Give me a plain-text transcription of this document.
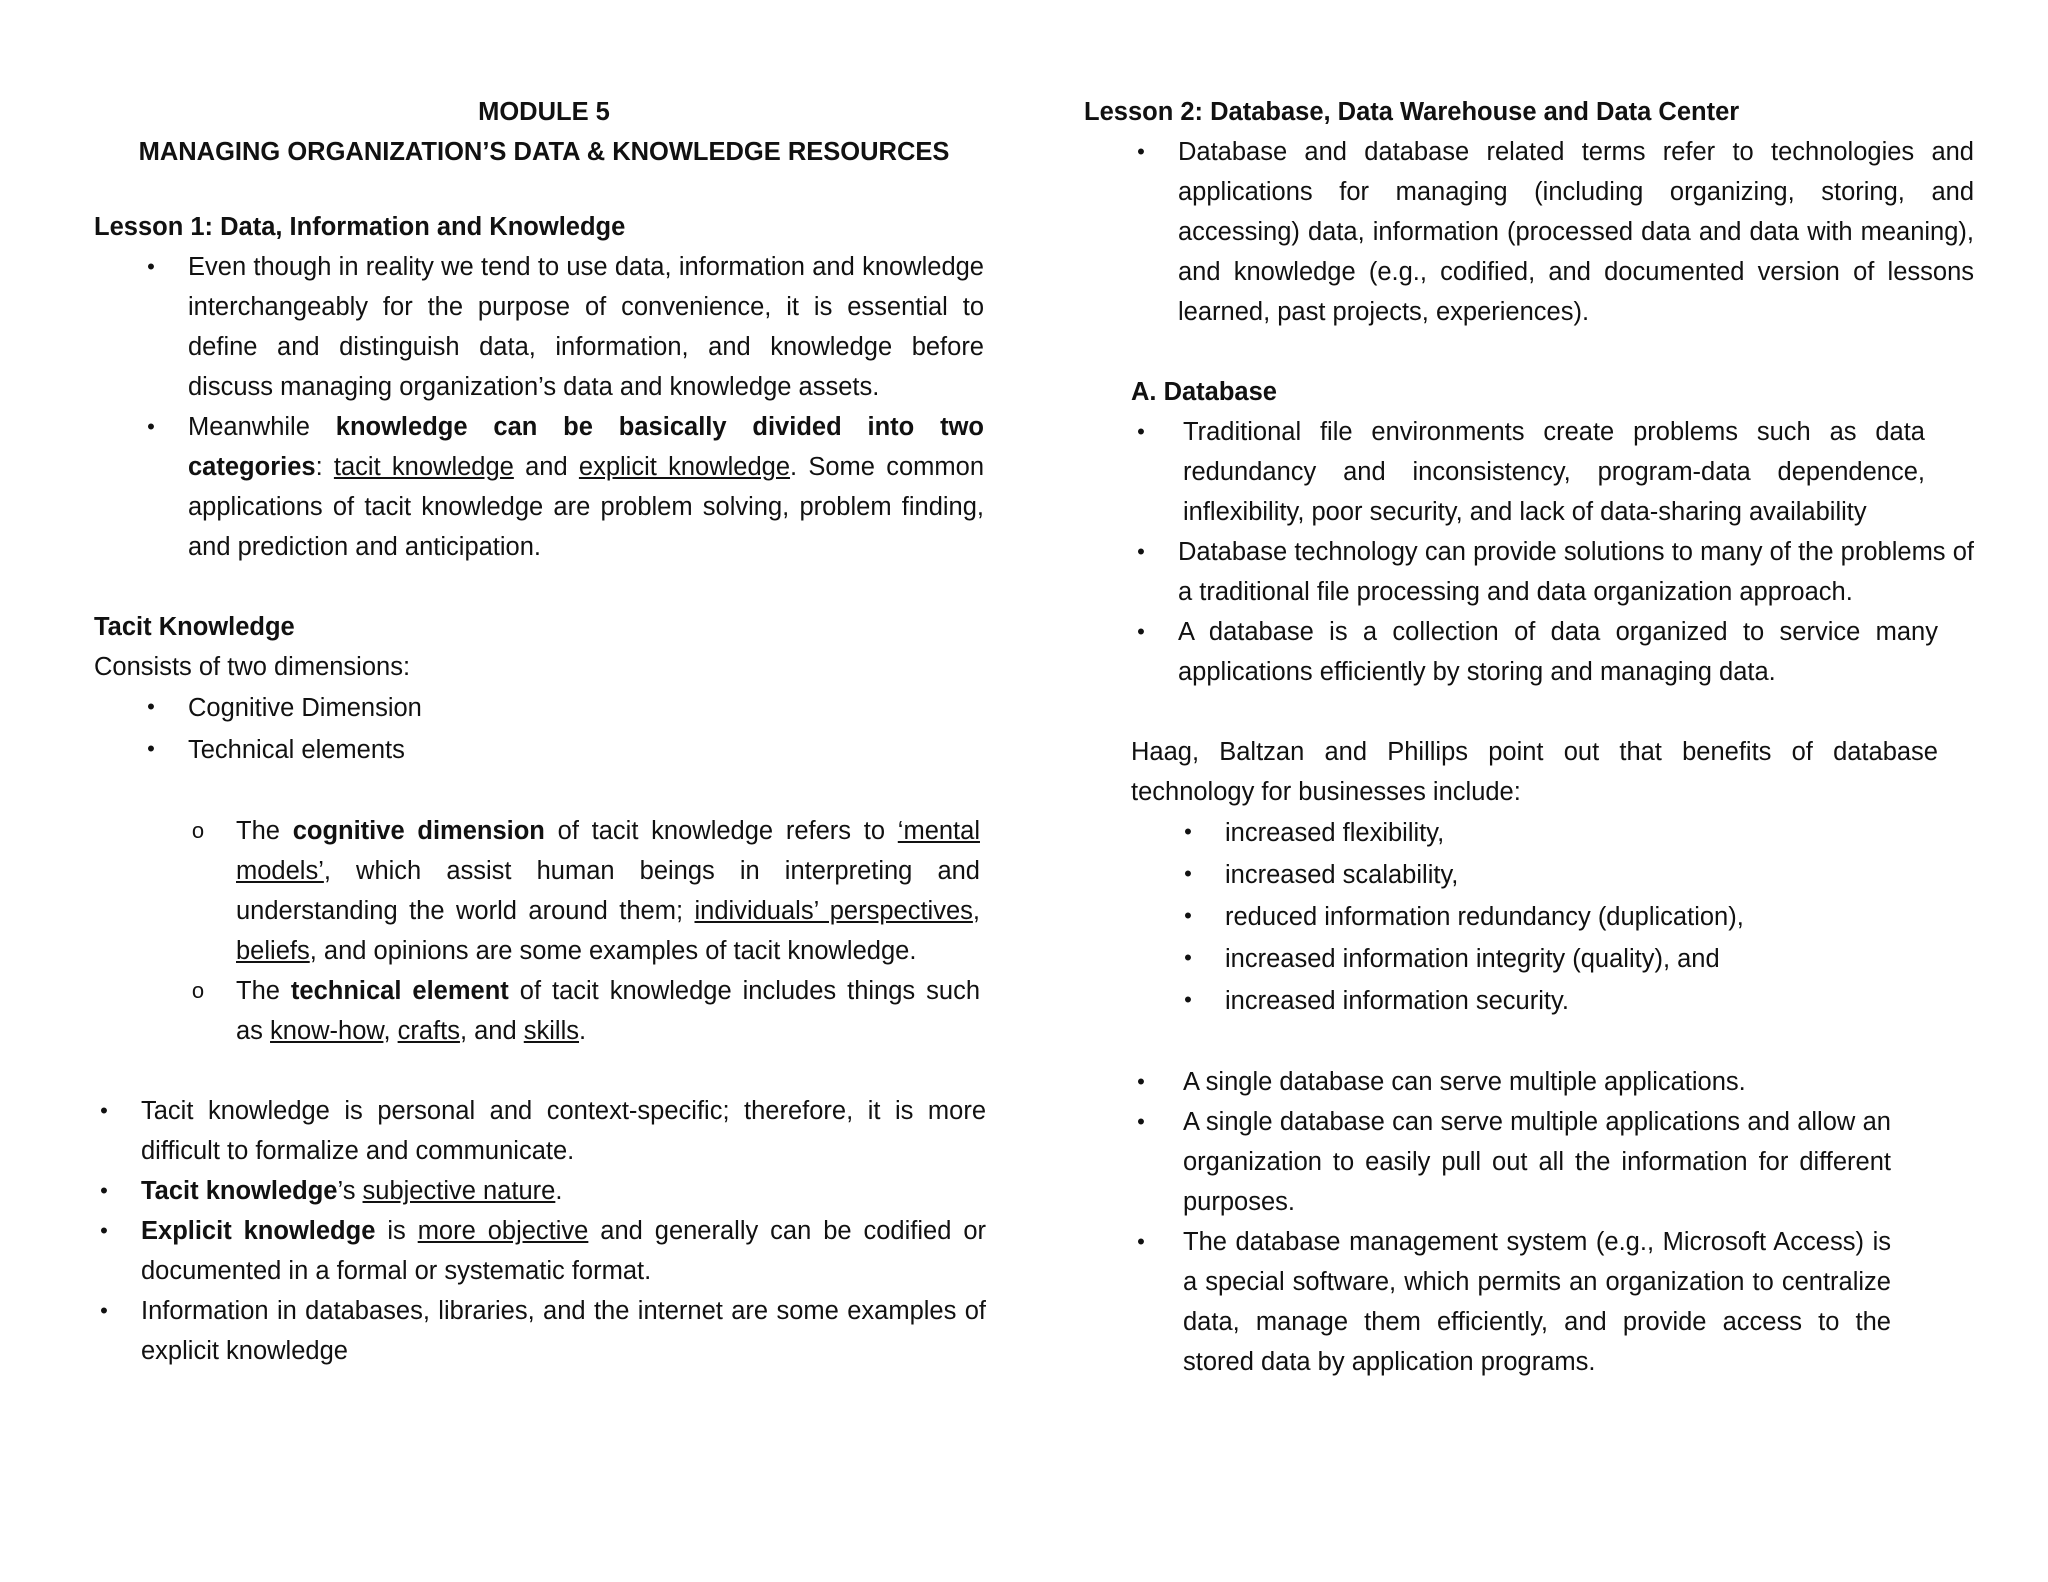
MODULE 5

MANAGING ORGANIZATION’S DATA & KNOWLEDGE RESOURCES

Lesson 1: Data, Information and Knowledge

• Even though in reality we tend to use data, information and knowledge interchangeably for the purpose of convenience, it is essential to define and distinguish data, information, and knowledge before discuss managing organization’s data and knowledge assets.
• Meanwhile knowledge can be basically divided into two categories: tacit knowledge and explicit knowledge. Some common applications of tacit knowledge are problem solving, problem finding, and prediction and anticipation.

Tacit Knowledge

Consists of two dimensions:

• Cognitive Dimension
• Technical elements
o The cognitive dimension of tacit knowledge refers to ‘mental models’, which assist human beings in interpreting and understanding the world around them; individuals’ perspectives, beliefs, and opinions are some examples of tacit knowledge.
o The technical element of tacit knowledge includes things such as know-how, crafts, and skills.
• Tacit knowledge is personal and context-specific; therefore, it is more difficult to formalize and communicate.
• Tacit knowledge’s subjective nature.
• Explicit knowledge is more objective and generally can be codified or documented in a formal or systematic format.
• Information in databases, libraries, and the internet are some examples of explicit knowledge

Lesson 2: Database, Data Warehouse and Data Center

• Database and database related terms refer to technologies and applications for managing (including organizing, storing, and accessing) data, information (processed data and data with meaning), and knowledge (e.g., codified, and documented version of lessons learned, past projects, experiences).

A. Database

• Traditional file environments create problems such as data redundancy and inconsistency, program-data dependence, inflexibility, poor security, and lack of data-sharing availability
• Database technology can provide solutions to many of the problems of a traditional file processing and data organization approach.
• A database is a collection of data organized to service many applications efficiently by storing and managing data.

Haag, Baltzan and Phillips point out that benefits of database technology for businesses include:

• increased flexibility,
• increased scalability,
• reduced information redundancy (duplication),
• increased information integrity (quality), and
• increased information security.
• A single database can serve multiple applications.
• A single database can serve multiple applications and allow an organization to easily pull out all the information for different purposes.
• The database management system (e.g., Microsoft Access) is a special software, which permits an organization to centralize data, manage them efficiently, and provide access to the stored data by application programs.
